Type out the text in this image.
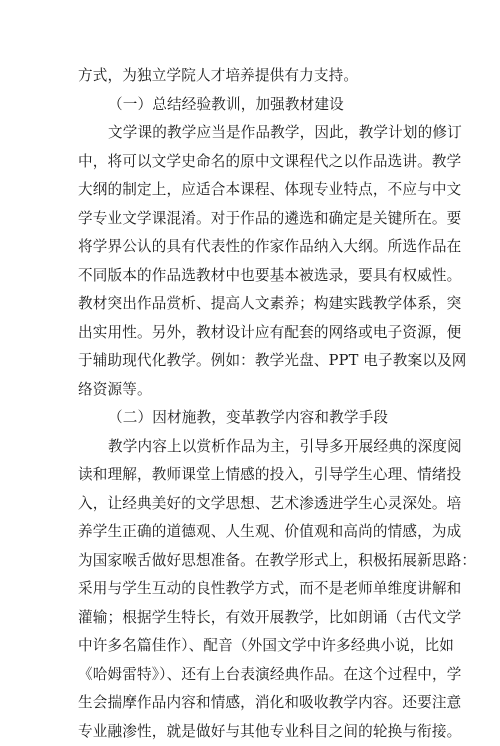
方式，为独立学院人才培养提供有力支持。
（一）总结经验教训，加强教材建设
文学课的教学应当是作品教学，因此，教学计划的修订
中，将可以文学史命名的原中文课程代之以作品选讲。教学
大纲的制定上，应适合本课程、体现专业特点，不应与中文
学专业文学课混淆。对于作品的遴选和确定是关键所在。要
将学界公认的具有代表性的作家作品纳入大纲。所选作品在
不同版本的作品选教材中也要基本被选录，要具有权威性。
教材突出作品赏析、提高人文素养；构建实践教学体系，突
出实用性。另外，教材设计应有配套的网络或电子资源，便
于辅助现代化教学。例如：教学光盘、PPT 电子教案以及网
络资源等。
（二）因材施教，变革教学内容和教学手段
教学内容上以赏析作品为主，引导多开展经典的深度阅
读和理解，教师课堂上情感的投入，引导学生心理、情绪投
入，让经典美好的文学思想、艺术渗透进学生心灵深处。培
养学生正确的道德观、人生观、价值观和高尚的情感，为成
为国家喉舌做好思想准备。在教学形式上，积极拓展新思路：
采用与学生互动的良性教学方式，而不是老师单维度讲解和
灌输；根据学生特长，有效开展教学，比如朗诵（古代文学
中许多名篇佳作）、配音（外国文学中许多经典小说，比如
《哈姆雷特》）、还有上台表演经典作品。在这个过程中，学
生会揣摩作品内容和情感，消化和吸收教学内容。还要注意
专业融渗性，就是做好与其他专业科目之间的轮换与衔接。
